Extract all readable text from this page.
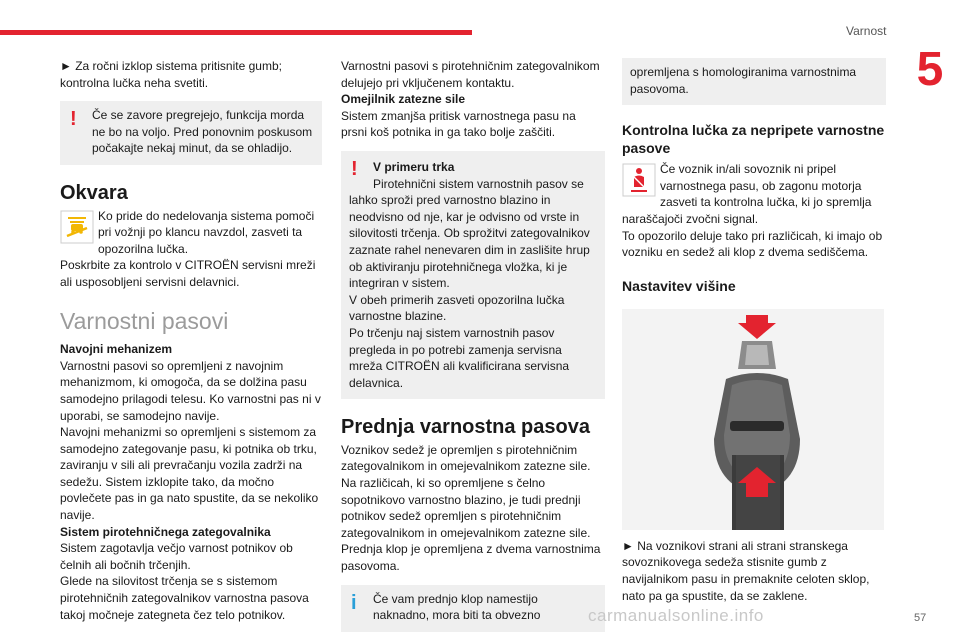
Varnost
5

► Za ročni izklop sistema pritisnite gumb; kontrolna lučka neha svetiti.

!	Če se zavore pregrejejo, funkcija morda ne bo na voljo. Pred ponovnim poskusom počakajte nekaj minut, da se ohladijo.

Okvara

Ko pride do nedelovanja sistema pomoči pri vožnji po klancu navzdol, zasveti ta opozorilna lučka.

Poskrbite za kontrolo v CITROËN servisni mreži ali usposobljeni servisni delavnici.

Varnostni pasovi

Navojni mehanizem

Varnostni pasovi so opremljeni z navojnim mehanizmom, ki omogoča, da se dolžina pasu samodejno prilagodi telesu. Ko varnostni pas ni v uporabi, se samodejno navije.

Navojni mehanizmi so opremljeni s sistemom za samodejno zategovanje pasu, ki potnika ob trku, zaviranju v sili ali prevračanju vozila zadrži na sedežu. Sistem izklopite tako, da močno povlečete pas in ga nato spustite, da se nekoliko navije.

Sistem pirotehničnega zategovalnika

Sistem zagotavlja večjo varnost potnikov ob čelnih ali bočnih trčenjih.

Glede na silovitost trčenja se s sistemom pirotehničnih zategovalnikov varnostna pasova takoj močneje zategneta čez telo potnikov.

Varnostni pasovi s pirotehničnim zategovalnikom delujejo pri vključenem kontaktu.

Omejilnik zatezne sile

Sistem zmanjša pritisk varnostnega pasu na prsni koš potnika in ga tako bolje zaščiti.

!	V primeru trka

Pirotehnični sistem varnostnih pasov se lahko sproži pred varnostno blazino in neodvisno od nje, kar je odvisno od vrste in silovitosti trčenja. Ob sprožitvi zategovalnikov zaznate rahel nenevaren dim in zaslišite hrup ob aktiviranju pirotehničnega vložka, ki je integriran v sistem.

V obeh primerih zasveti opozorilna lučka varnostne blazine.

Po trčenju naj sistem varnostnih pasov pregleda in po potrebi zamenja servisna mreža CITROËN ali kvalificirana servisna delavnica.

Prednja varnostna pasova

Voznikov sedež je opremljen s pirotehničnim zategovalnikom in omejevalnikom zatezne sile. Na različicah, ki so opremljene s čelno sopotnikovo varnostno blazino, je tudi prednji potnikov sedež opremljen s pirotehničnim zategovalnikom in omejevalnikom zatezne sile. Prednja klop je opremljena z dvema varnostnima pasovoma.

i	Če vam prednjo klop namestijo naknadno, mora biti ta obvezno

opremljena s homologiranima varnostnima pasovoma.

Kontrolna lučka za nepripete varnostne pasove

Če voznik in/ali sovoznik ni pripel varnostnega pasu, ob zagonu motorja zasveti ta kontrolna lučka, ki jo spremlja naraščajoči zvočni signal.

To opozorilo deluje tako pri različicah, ki imajo ob vozniku en sedež ali klop z dvema sediščema.

Nastavitev višine

► Na voznikovi strani ali strani stranskega sovoznikovega sedeža stisnite gumb z navijalnikom pasu in premaknite celoten sklop, nato pa ga spustite, da se zaklene.

carmanualsonline.info	57
